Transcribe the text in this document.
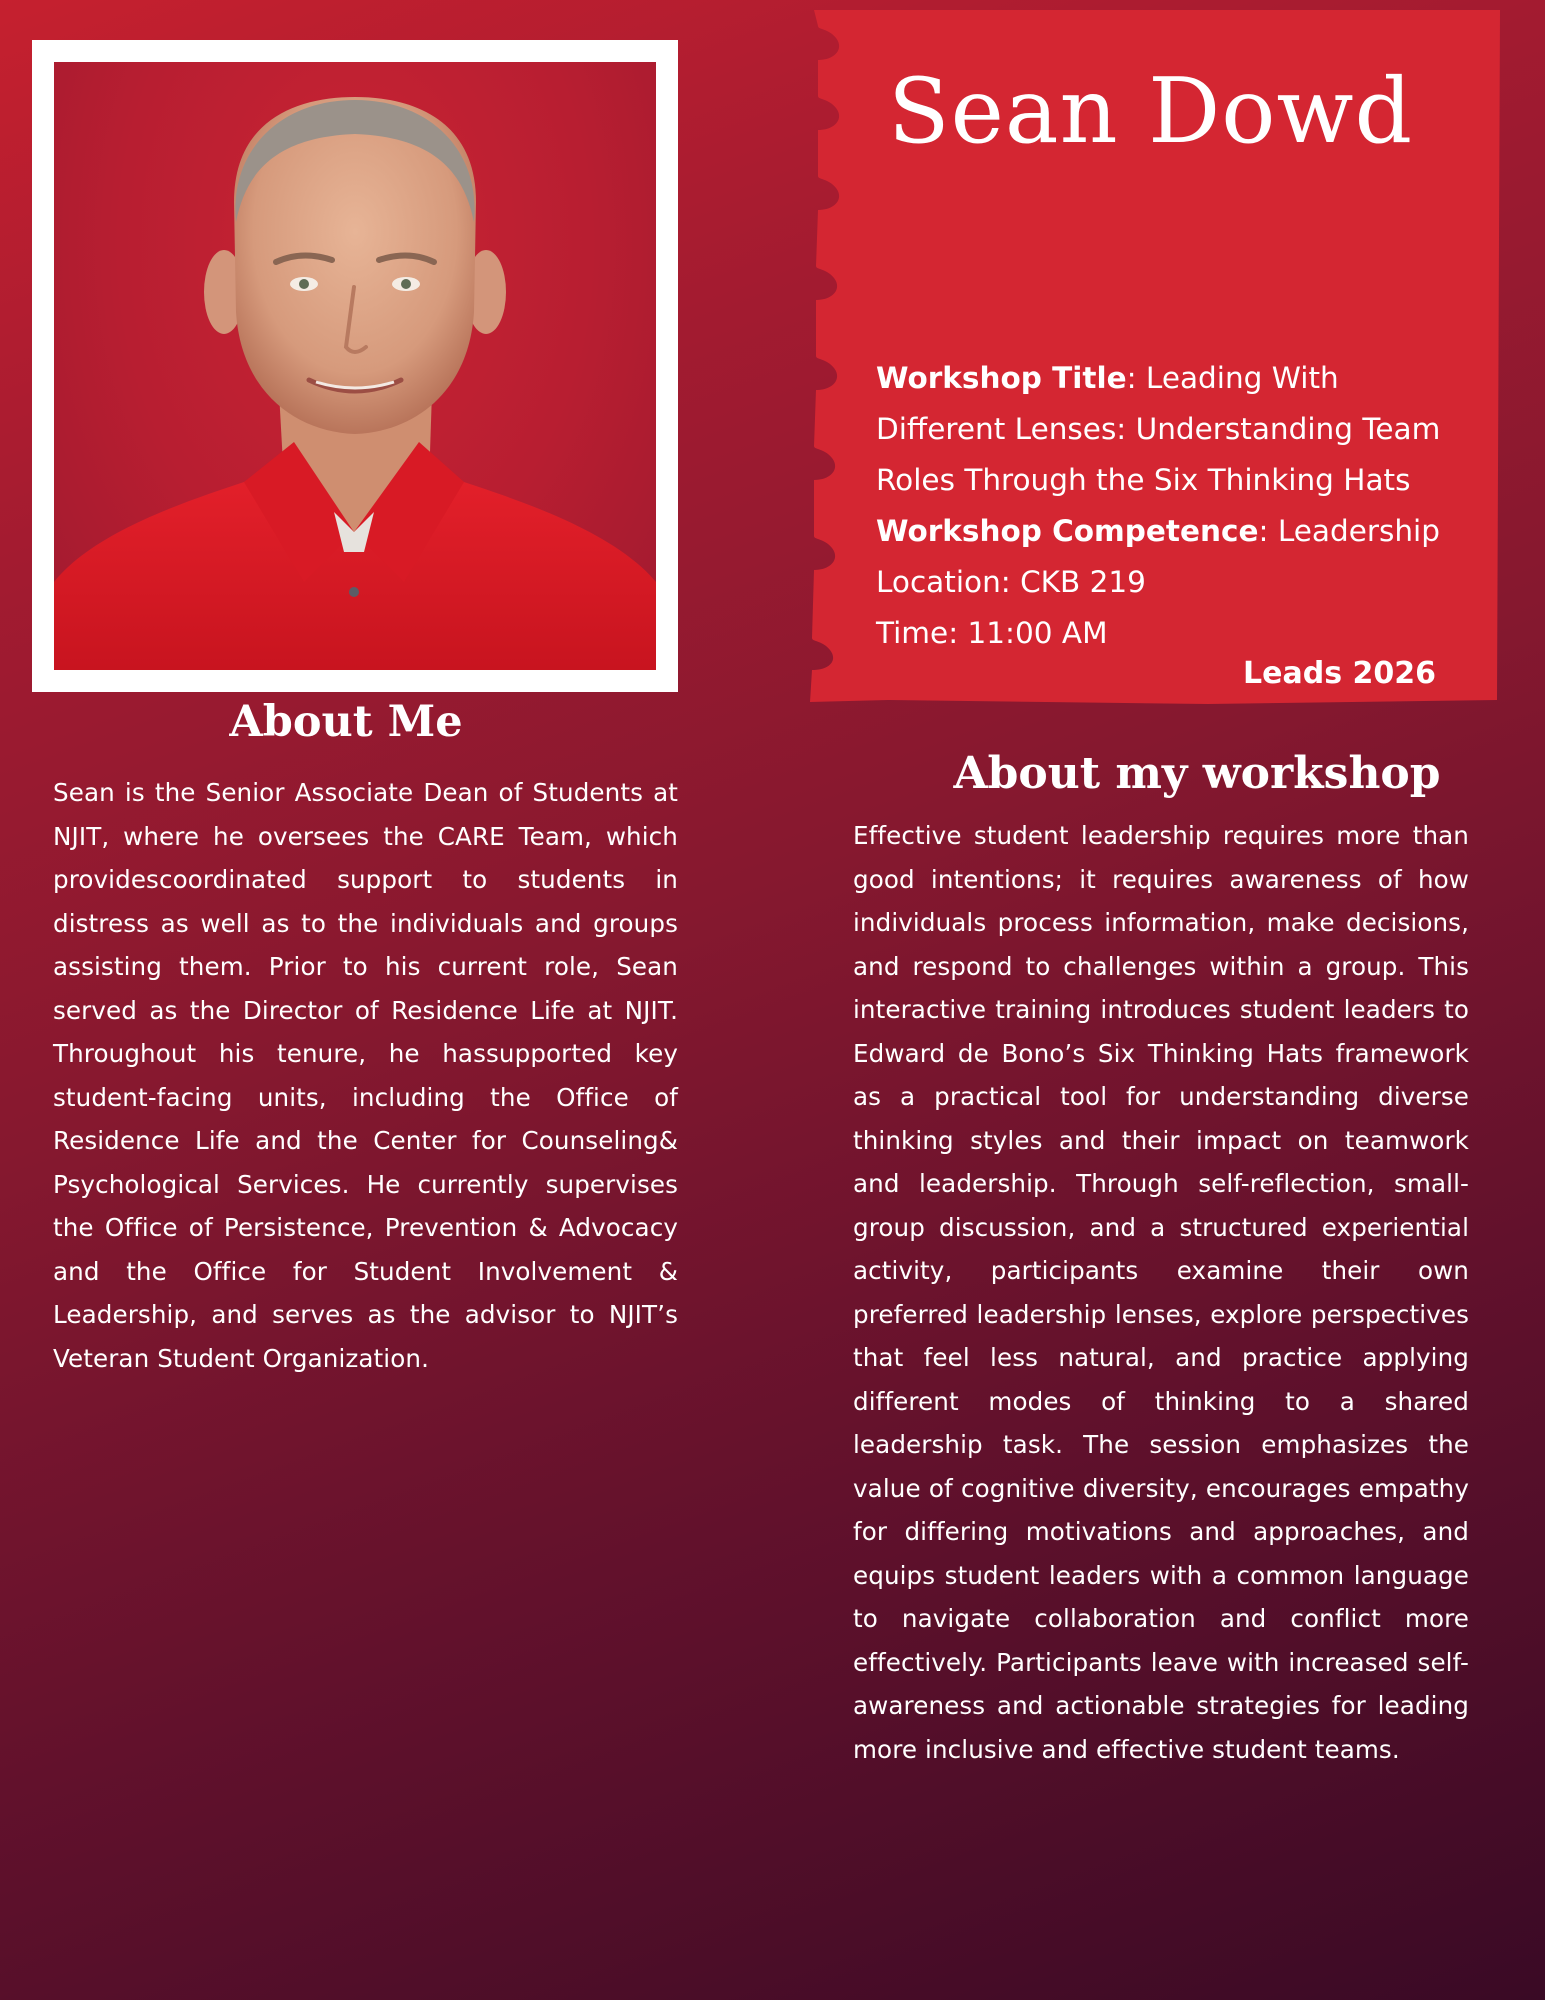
About Me

Sean is the Senior Associate Dean of Students at NJIT, where he oversees the CARE Team, which providescoordinated support to students in distress as well as to the individuals and groups assisting them. Prior to his current role, Sean served as the Director of Residence Life at NJIT. Throughout his tenure, he hassupported key student-facing units, including the Office of Residence Life and the Center for Counseling& Psychological Services. He currently supervises the Office of Persistence, Prevention & Advocacy and the Office for Student Involvement & Leadership, and serves as the advisor to NJIT’s Veteran Student Organization.

Sean Dowd
Workshop Title: Leading With Different Lenses: Understanding Team Roles Through the Six Thinking Hats
Workshop Competence: Leadership
Location: CKB 219
Time: 11:00 AM

Leads 2026

About my workshop

Effective student leadership requires more than good intentions; it requires awareness of how individuals process information, make decisions, and respond to challenges within a group. This interactive training introduces student leaders to Edward de Bono’s Six Thinking Hats framework as a practical tool for understanding diverse thinking styles and their impact on teamwork and leadership. Through self-reflection, small-group discussion, and a structured experiential activity, participants examine their own preferred leadership lenses, explore perspectives that feel less natural, and practice applying different modes of thinking to a shared leadership task. The session emphasizes the value of cognitive diversity, encourages empathy for differing motivations and approaches, and equips student leaders with a common language to navigate collaboration and conflict more effectively. Participants leave with increased self-awareness and actionable strategies for leading more inclusive and effective student teams.
